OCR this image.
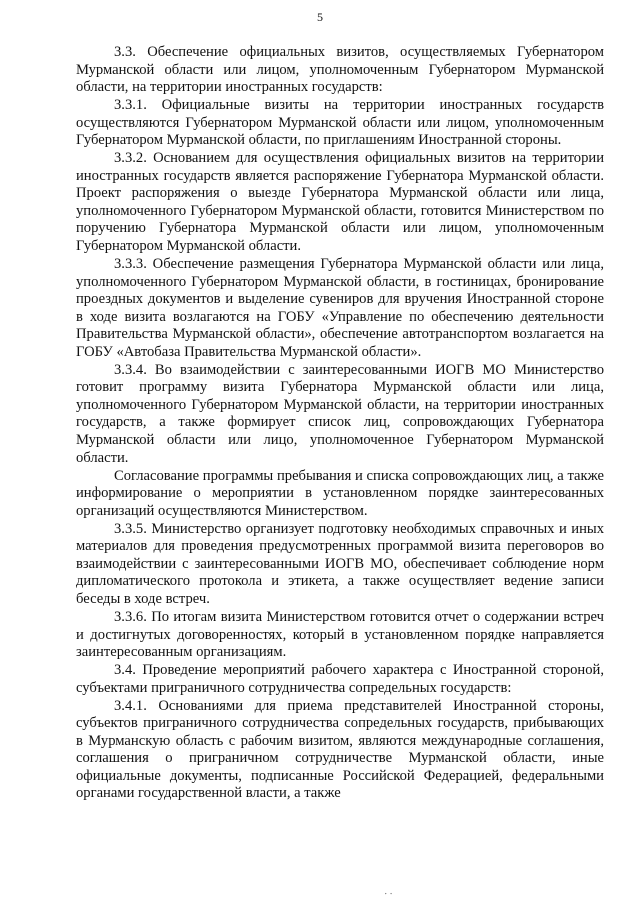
5

3.3. Обеспечение официальных визитов, осуществляемых Губернатором Мурманской области или лицом, уполномоченным Губернатором Мурманской области, на территории иностранных государств:

3.3.1. Официальные визиты на территории иностранных государств осуществляются Губернатором Мурманской области или лицом, уполномоченным Губернатором Мурманской области, по приглашениям Иностранной стороны.

3.3.2. Основанием для осуществления официальных визитов на территории иностранных государств является распоряжение Губернатора Мурманской области. Проект распоряжения о выезде Губернатора Мурманской области или лица, уполномоченного Губернатором Мурманской области, готовится Министерством по поручению Губернатора Мурманской области или лицом, уполномоченным Губернатором Мурманской области.

3.3.3. Обеспечение размещения Губернатора Мурманской области или лица, уполномоченного Губернатором Мурманской области, в гостиницах, бронирование проездных документов и выделение сувениров для вручения Иностранной стороне в ходе визита возлагаются на ГОБУ «Управление по обеспечению деятельности Правительства Мурманской области», обеспечение автотранспортом возлагается на ГОБУ «Автобаза Правительства Мурманской области».

3.3.4. Во взаимодействии с заинтересованными ИОГВ МО Министерство готовит программу визита Губернатора Мурманской области или лица, уполномоченного Губернатором Мурманской области, на территории иностранных государств, а также формирует список лиц, сопровождающих Губернатора Мурманской области или лицо, уполномоченное Губернатором Мурманской области.

Согласование программы пребывания и списка сопровождающих лиц, а также информирование о мероприятии в установленном порядке заинтересованных организаций осуществляются Министерством.

3.3.5. Министерство организует подготовку необходимых справочных и иных материалов для проведения предусмотренных программой визита переговоров во взаимодействии с заинтересованными ИОГВ МО, обеспечивает соблюдение норм дипломатического протокола и этикета, а также осуществляет ведение записи беседы в ходе встреч.

3.3.6. По итогам визита Министерством готовится отчет о содержании встреч и достигнутых договоренностях, который в установленном порядке направляется заинтересованным организациям.

3.4. Проведение мероприятий рабочего характера с Иностранной стороной, субъектами приграничного сотрудничества сопредельных государств:

3.4.1. Основаниями для приема представителей Иностранной стороны, субъектов приграничного сотрудничества сопредельных государств, прибывающих в Мурманскую область с рабочим визитом, являются международные соглашения, соглашения о приграничном сотрудничестве Мурманской области, иные официальные документы, подписанные Российской Федерацией, федеральными органами государственной власти, а также

⋅⋅
